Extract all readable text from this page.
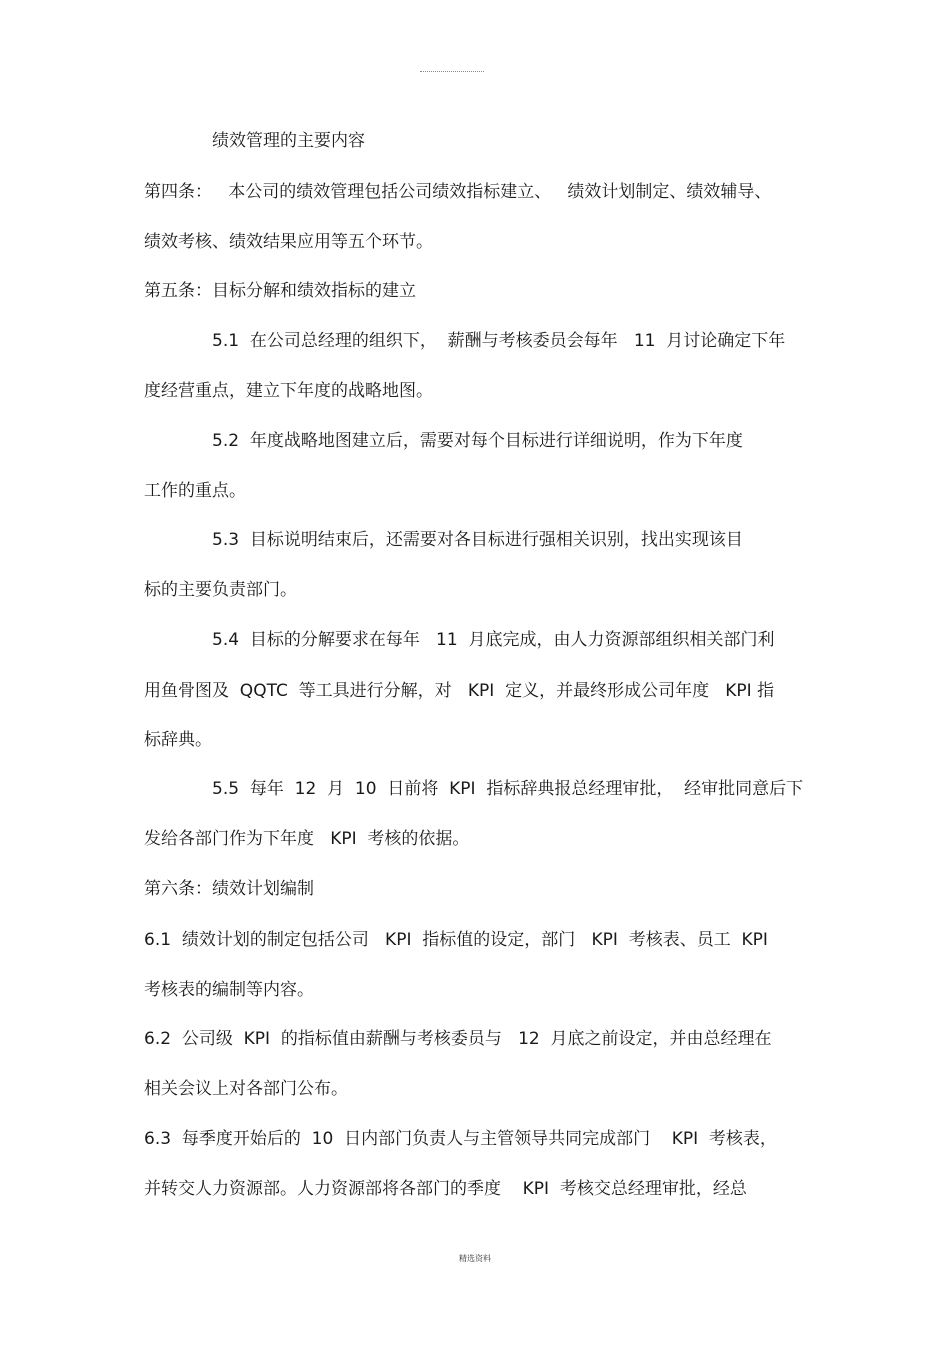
绩效管理的主要内容
第四条：   本公司的绩效管理包括公司绩效指标建立、   绩效计划制定、绩效辅导、
绩效考核、绩效结果应用等五个环节。
第五条：目标分解和绩效指标的建立
5.1  在公司总经理的组织下，  薪酬与考核委员会每年   11  月讨论确定下年
度经营重点，建立下年度的战略地图。
5.2  年度战略地图建立后，需要对每个目标进行详细说明，作为下年度
工作的重点。
5.3  目标说明结束后，还需要对各目标进行强相关识别，找出实现该目
标的主要负责部门。
5.4  目标的分解要求在每年   11  月底完成，由人力资源部组织相关部门利
用鱼骨图及  QQTC  等工具进行分解，对   KPI  定义，并最终形成公司年度   KPI 指
标辞典。
5.5  每年  12  月  10  日前将  KPI  指标辞典报总经理审批，  经审批同意后下
发给各部门作为下年度   KPI  考核的依据。
第六条：绩效计划编制
6.1  绩效计划的制定包括公司   KPI  指标值的设定，部门   KPI  考核表、员工  KPI
考核表的编制等内容。
6.2  公司级  KPI  的指标值由薪酬与考核委员与   12  月底之前设定，并由总经理在
相关会议上对各部门公布。
6.3  每季度开始后的  10  日内部门负责人与主管领导共同完成部门    KPI  考核表，
并转交人力资源部。人力资源部将各部门的季度    KPI  考核交总经理审批，经总
精选资料
